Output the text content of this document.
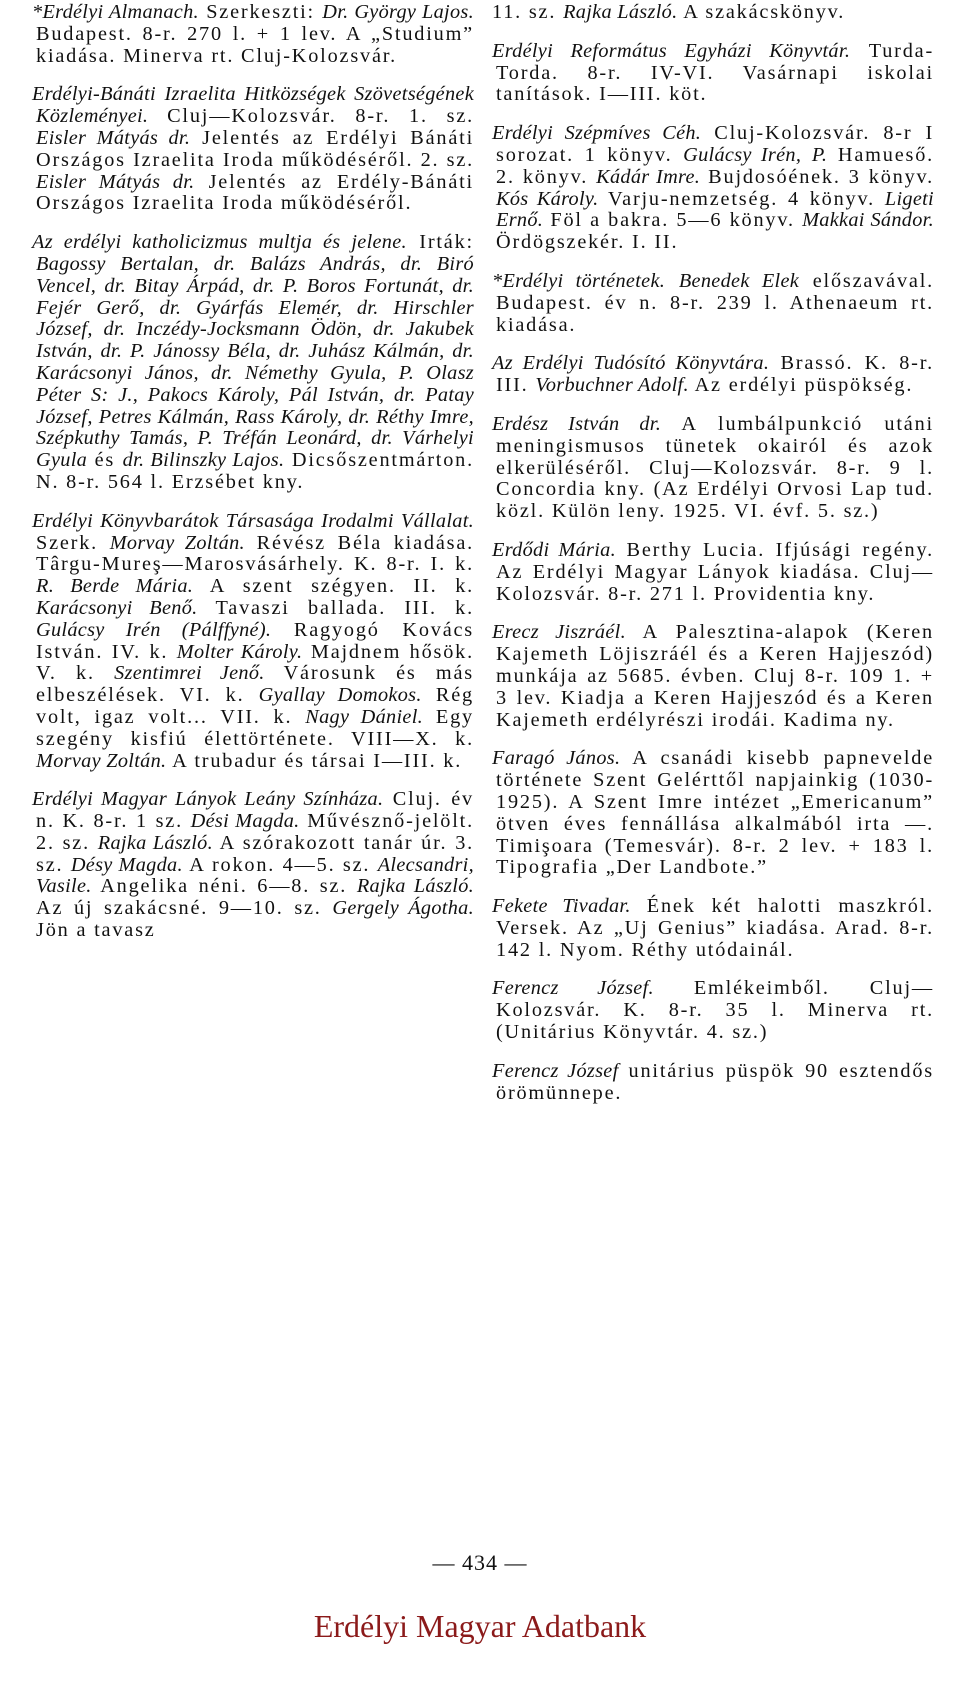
*Erdélyi Almanach. Szerkeszti: Dr. György Lajos. Budapest. 8-r. 270 l. + 1 lev. A „Studium” kiadása. Minerva rt. Cluj-Kolozsvár.

Erdélyi-Bánáti Izraelita Hitközségek Szövetségének Közleményei. Cluj—Kolozsvár. 8-r. 1. sz. Eisler Mátyás dr. Jelentés az Erdélyi Bánáti Országos Izraelita Iroda működéséről. 2. sz. Eisler Mátyás dr. Jelentés az Erdély-Bánáti Országos Izraelita Iroda működéséről.

Az erdélyi katholicizmus multja és jelene. Irták: Bagossy Bertalan, dr. Balázs András, dr. Biró Vencel, dr. Bitay Árpád, dr. P. Boros Fortunát, dr. Fejér Gerő, dr. Gyárfás Elemér, dr. Hirschler József, dr. Inczédy-Jocksmann Ödön, dr. Jakubek István, dr. P. Jánossy Béla, dr. Juhász Kálmán, dr. Karácsonyi János, dr. Némethy Gyula, P. Olasz Péter S: J., Pakocs Károly, Pál István, dr. Patay József, Petres Kálmán, Rass Károly, dr. Réthy Imre, Szépkuthy Tamás, P. Tréfán Leonárd, dr. Várhelyi Gyula és dr. Bilinszky Lajos. Dicsőszentmárton. N. 8-r. 564 l. Erzsébet kny.

Erdélyi Könyvbarátok Társasága Irodalmi Vállalat. Szerk. Morvay Zoltán. Révész Béla kiadása. Târgu-Mureş—Marosvásárhely. K. 8-r. I. k. R. Berde Mária. A szent szégyen. II. k. Karácsonyi Benő. Tavaszi ballada. III. k. Gulácsy Irén (Pálffyné). Ragyogó Kovács István. IV. k. Molter Károly. Majdnem hősök. V. k. Szentimrei Jenő. Városunk és más elbeszélések. VI. k. Gyallay Domokos. Rég volt, igaz volt... VII. k. Nagy Dániel. Egy szegény kisfiú élettörténete. VIII—X. k. Morvay Zoltán. A trubadur és társai I—III. k.

Erdélyi Magyar Lányok Leány Színháza. Cluj. év n. K. 8-r. 1 sz. Dési Magda. Művésznő-jelölt. 2. sz. Rajka László. A szórakozott tanár úr. 3. sz. Désy Magda. A rokon. 4—5. sz. Alecsandri, Vasile. Angelika néni. 6—8. sz. Rajka László. Az új szakácsné. 9—10. sz. Gergely Ágotha. Jön a tavasz

11. sz. Rajka László. A szakácskönyv.

Erdélyi Református Egyházi Könyvtár. Turda-Torda. 8-r. IV-VI. Vasárnapi iskolai tanítások. I—III. köt.

Erdélyi Szépmíves Céh. Cluj-Kolozsvár. 8-r I sorozat. 1 könyv. Gulácsy Irén, P. Hamueső. 2. könyv. Kádár Imre. Bujdosóének. 3 könyv. Kós Károly. Varju-nemzetség. 4 könyv. Ligeti Ernő. Föl a bakra. 5—6 könyv. Makkai Sándor. Ördögszekér. I. II.

*Erdélyi történetek. Benedek Elek előszavával. Budapest. év n. 8-r. 239 l. Athenaeum rt. kiadása.

Az Erdélyi Tudósító Könyvtára. Brassó. K. 8-r. III. Vorbuchner Adolf. Az erdélyi püspökség.

Erdész István dr. A lumbálpunkció utáni meningismusos tünetek okairól és azok elkerüléséről. Cluj—Kolozsvár. 8-r. 9 l. Concordia kny. (Az Erdélyi Orvosi Lap tud. közl. Külön leny. 1925. VI. évf. 5. sz.)

Erdődi Mária. Berthy Lucia. Ifjúsági regény. Az Erdélyi Magyar Lányok kiadása. Cluj—Kolozsvár. 8-r. 271 l. Providentia kny.

Erecz Jiszráél. A Palesztina-alapok (Keren Kajemeth Löjiszráél és a Keren Hajjeszód) munkája az 5685. évben. Cluj 8-r. 109 1. + 3 lev. Kiadja a Keren Hajjeszód és a Keren Kajemeth erdélyrészi irodái. Kadima ny.

Faragó János. A csanádi kisebb papnevelde története Szent Gelérttől napjainkig (1030-1925). A Szent Imre intézet „Emericanum” ötven éves fennállása alkalmából irta —. Timişoara (Temesvár). 8-r. 2 lev. + 183 l. Tipografia „Der Landbote.”

Fekete Tivadar. Ének két halotti maszkról. Versek. Az „Uj Genius” kiadása. Arad. 8-r. 142 l. Nyom. Réthy utódainál.

Ferencz József. Emlékeimből. Cluj—Kolozsvár. K. 8-r. 35 l. Minerva rt. (Unitárius Könyvtár. 4. sz.)

Ferencz József unitárius püspök 90 esztendős örömünnepe.

— 434 —
Erdélyi Magyar Adatbank
